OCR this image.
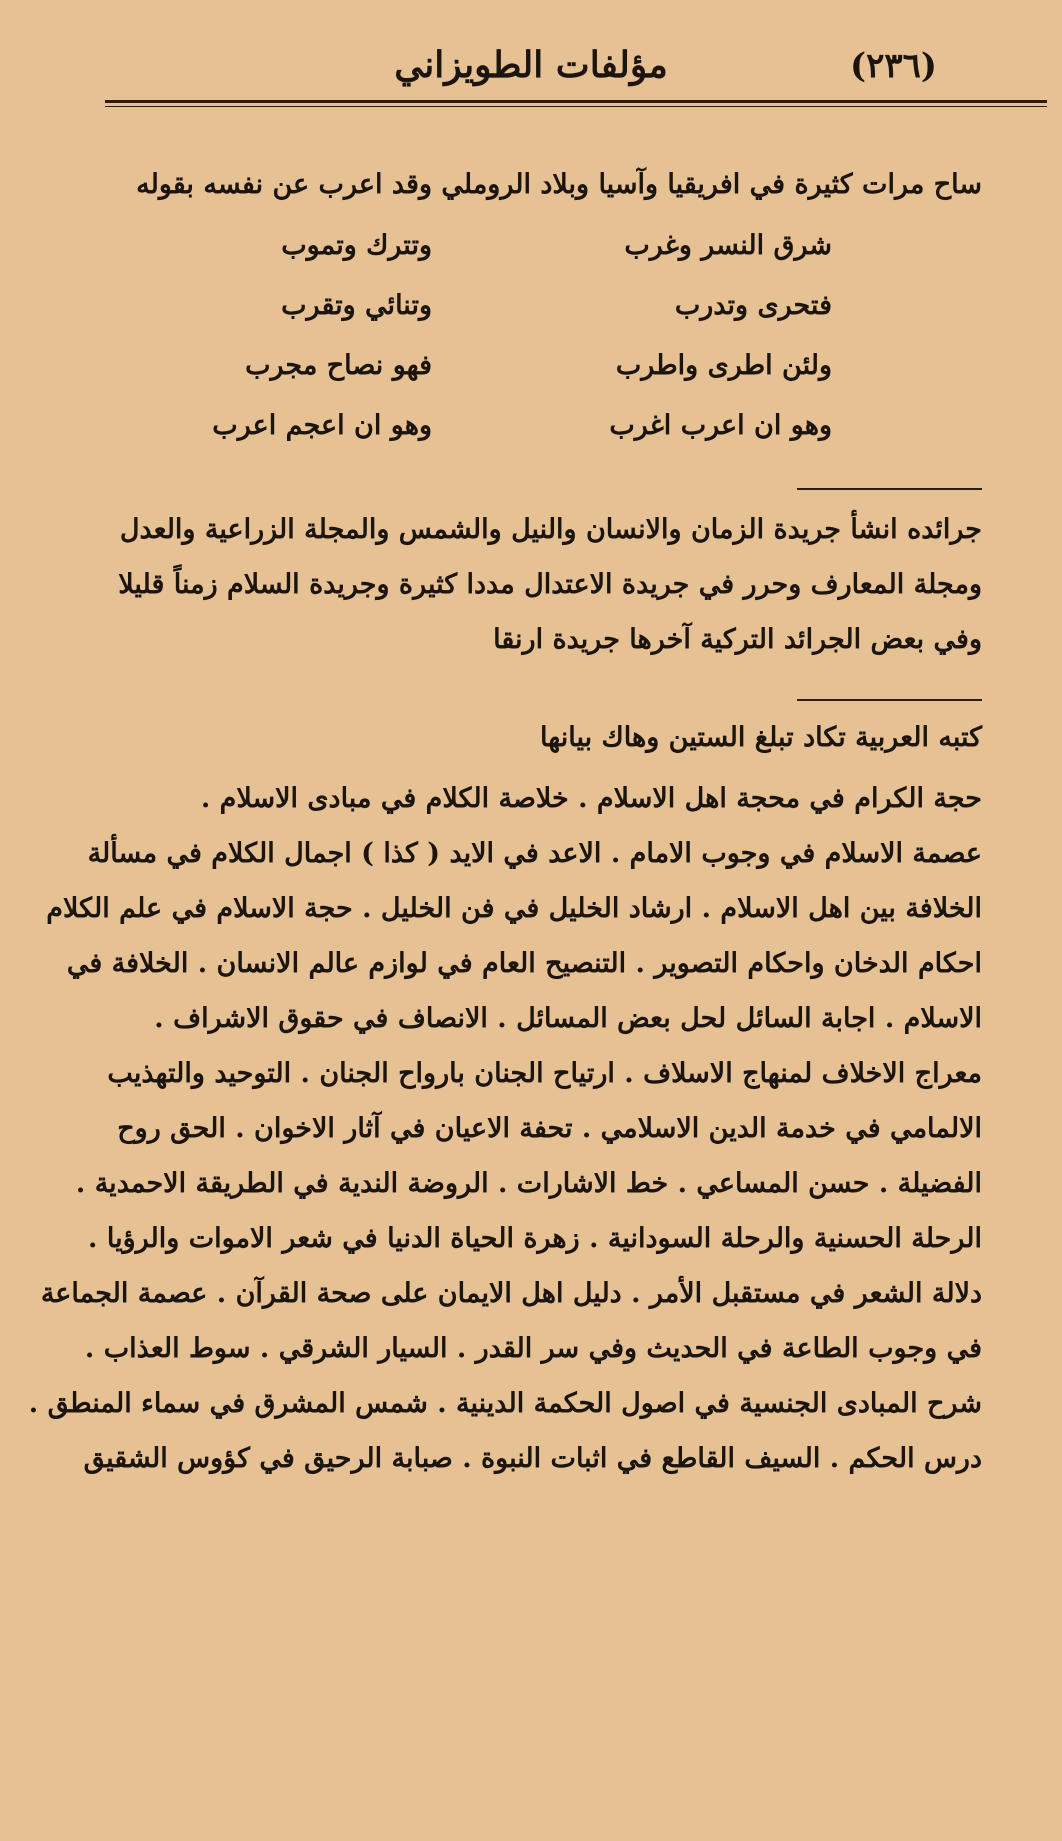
(٢٣٦)
مؤلفات الطويزاني
ساح مرات كثيرة في افريقيا وآسيا وبلاد الروملي وقد اعرب عن نفسه بقوله
شرق النسر وغرب
وتترك وتموب
فتحرى وتدرب
وتنائي وتقرب
ولئن اطرى واطرب
فهو نصاح مجرب
وهو ان اعرب اغرب
وهو ان اعجم اعرب
جرائده انشأ جريدة الزمان والانسان والنيل والشمس والمجلة الزراعية والعدل
ومجلة المعارف وحرر في جريدة الاعتدال مددا كثيرة وجريدة السلام زمناً قليلا
وفي بعض الجرائد التركية آخرها جريدة ارنقا
كتبه العربية تكاد تبلغ الستين وهاك بيانها
حجة الكرام في محجة اهل الاسلام . خلاصة الكلام في مبادى الاسلام .
عصمة الاسلام في وجوب الامام . الاعد في الايد ( كذا ) اجمال الكلام في مسألة
الخلافة بين اهل الاسلام . ارشاد الخليل في فن الخليل . حجة الاسلام في علم الكلام
احكام الدخان واحكام التصوير . التنصيح العام في لوازم عالم الانسان . الخلافة في
الاسلام . اجابة السائل لحل بعض المسائل . الانصاف في حقوق الاشراف .
معراج الاخلاف لمنهاج الاسلاف . ارتياح الجنان بارواح الجنان . التوحيد والتهذيب
الالمامي في خدمة الدين الاسلامي . تحفة الاعيان في آثار الاخوان . الحق روح
الفضيلة . حسن المساعي . خط الاشارات . الروضة الندية في الطريقة الاحمدية .
الرحلة الحسنية والرحلة السودانية . زهرة الحياة الدنيا في شعر الاموات والرؤيا .
دلالة الشعر في مستقبل الأمر . دليل اهل الايمان على صحة القرآن . عصمة الجماعة
في وجوب الطاعة في الحديث وفي سر القدر . السيار الشرقي . سوط العذاب .
شرح المبادى الجنسية في اصول الحكمة الدينية . شمس المشرق في سماء المنطق .
درس الحكم . السيف القاطع في اثبات النبوة . صبابة الرحيق في كؤوس الشقيق
